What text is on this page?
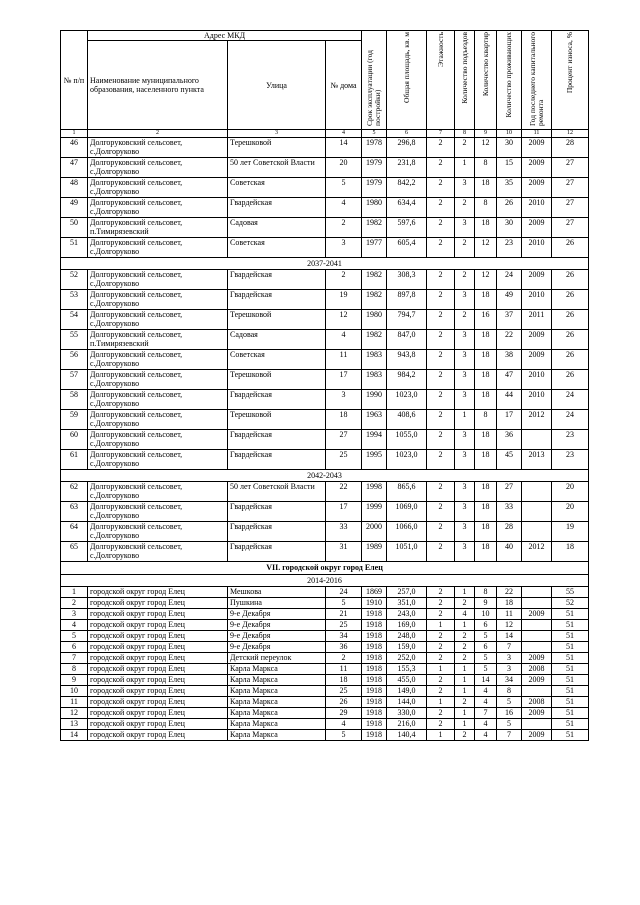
№ п/п	Адрес МКД			Срок эксплуатации (год постройки)	Общая площадь, кв. м	Этажность	Количество подъездов	Количество квартир	Количество проживающих	Год последнего капитального ремонта	Процент износа, %
	Наименование муниципального образования, населенного пункта	Улица	№ дома								
1	2	3	4	5	6	7	8	9	10	11	12
46	Долгоруковский сельсовет, с.Долгоруково	Терешковой	14	1978	296,8	2	2	12	30	2009	28
47	Долгоруковский сельсовет, с.Долгоруково	50 лет Советской Власти	20	1979	231,8	2	1	8	15	2009	27
48	Долгоруковский сельсовет, с.Долгоруково	Советская	5	1979	842,2	2	3	18	35	2009	27
49	Долгоруковский сельсовет, с.Долгоруково	Гвардейская	4	1980	634,4	2	2	8	26	2010	27
50	Долгоруковский сельсовет, п.Тимирязевский	Садовая	2	1982	597,6	2	3	18	30	2009	27
51	Долгоруковский сельсовет, с.Долгоруково	Советская	3	1977	605,4	2	2	12	23	2010	26
2037-2041											
52	Долгоруковский сельсовет, с.Долгоруково	Гвардейская	2	1982	308,3	2	2	12	24	2009	26
53	Долгоруковский сельсовет, с.Долгоруково	Гвардейская	19	1982	897,8	2	3	18	49	2010	26
54	Долгоруковский сельсовет, с.Долгоруково	Терешковой	12	1980	794,7	2	2	16	37	2011	26
55	Долгоруковский сельсовет, п.Тимирязевский	Садовая	4	1982	847,0	2	3	18	22	2009	26
56	Долгоруковский сельсовет, с.Долгоруково	Советская	11	1983	943,8	2	3	18	38	2009	26
57	Долгоруковский сельсовет, с.Долгоруково	Терешковой	17	1983	984,2	2	3	18	47	2010	26
58	Долгоруковский сельсовет, с.Долгоруково	Гвардейская	3	1990	1023,0	2	3	18	44	2010	24
59	Долгоруковский сельсовет, с.Долгоруково	Терешковой	18	1963	408,6	2	1	8	17	2012	24
60	Долгоруковский сельсовет, с.Долгоруково	Гвардейская	27	1994	1055,0	2	3	18	36		23
61	Долгоруковский сельсовет, с.Долгоруково	Гвардейская	25	1995	1023,0	2	3	18	45	2013	23
2042-2043											
62	Долгоруковский сельсовет, с.Долгоруково	50 лет Советской Власти	22	1998	865,6	2	3	18	27		20
63	Долгоруковский сельсовет, с.Долгоруково	Гвардейская	17	1999	1069,0	2	3	18	33		20
64	Долгоруковский сельсовет, с.Долгоруково	Гвардейская	33	2000	1066,0	2	3	18	28		19
65	Долгоруковский сельсовет, с.Долгоруково	Гвардейская	31	1989	1051,0	2	3	18	40	2012	18
VII. городской округ город Елец											
2014-2016											
1	городской округ город Елец	Мешкова	24	1869	257,0	2	1	8	22		55
2	городской округ город Елец	Пушкина	5	1910	351,0	2	2	9	18		52
3	городской округ город Елец	9-е Декабря	21	1918	243,0	2	4	10	11	2009	51
4	городской округ город Елец	9-е Декабря	25	1918	169,0	1	1	6	12		51
5	городской округ город Елец	9-е Декабря	34	1918	248,0	2	2	5	14		51
6	городской округ город Елец	9-е Декабря	36	1918	159,0	2	2	6	7		51
7	городской округ город Елец	Детский переулок	2	1918	252,0	2	2	5	3	2009	51
8	городской округ город Елец	Карла Маркса	11	1918	155,3	1	1	5	3	2008	51
9	городской округ город Елец	Карла Маркса	18	1918	455,0	2	1	14	34	2009	51
10	городской округ город Елец	Карла Маркса	25	1918	149,0	2	1	4	8		51
11	городской округ город Елец	Карла Маркса	26	1918	144,0	1	2	4	5	2008	51
12	городской округ город Елец	Карла Маркса	29	1918	330,0	2	1	7	16	2009	51
13	городской округ город Елец	Карла Маркса	4	1918	216,0	2	1	4	5		51
14	городской округ город Елец	Карла Маркса	5	1918	140,4	1	2	4	7	2009	51
